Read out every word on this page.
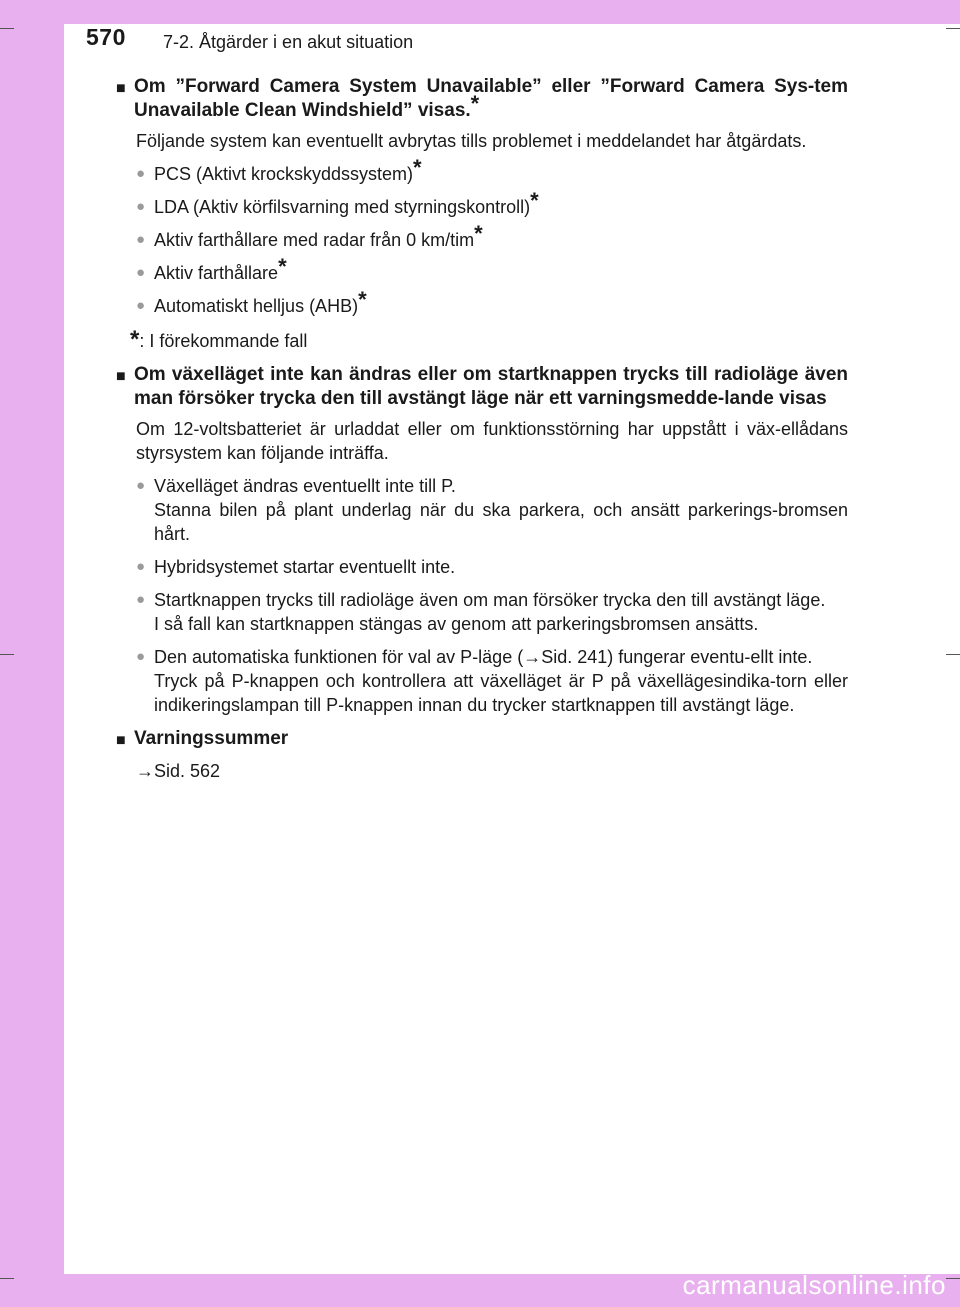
570 7-2. Åtgärder i en akut situation
■ Om ”Forward Camera System Unavailable” eller ”Forward Camera Sys-tem Unavailable Clean Windshield” visas.*
Följande system kan eventuellt avbrytas tills problemet i meddelandet har åtgärdats.
● PCS (Aktivt krockskyddssystem)*
● LDA (Aktiv körfilsvarning med styrningskontroll)*
● Aktiv farthållare med radar från 0 km/tim*
● Aktiv farthållare*
● Automatiskt helljus (AHB)*
*: I förekommande fall
■ Om växelläget inte kan ändras eller om startknappen trycks till radioläge även man försöker trycka den till avstängt läge när ett varningsmedde-lande visas
Om 12-voltsbatteriet är urladdat eller om funktionsstörning har uppstått i väx-ellådans styrsystem kan följande inträffa.
● Växelläget ändras eventuellt inte till P.
Stanna bilen på plant underlag när du ska parkera, och ansätt parkerings-bromsen hårt.
● Hybridsystemet startar eventuellt inte.
● Startknappen trycks till radioläge även om man försöker trycka den till avstängt läge.
I så fall kan startknappen stängas av genom att parkeringsbromsen ansätts.
● Den automatiska funktionen för val av P-läge (→Sid. 241) fungerar eventu-ellt inte.
Tryck på P-knappen och kontrollera att växelläget är P på växellägesindika-torn eller indikeringslampan till P-knappen innan du trycker startknappen till avstängt läge.
■ Varningssummer
→Sid. 562
carmanualsonline.info
